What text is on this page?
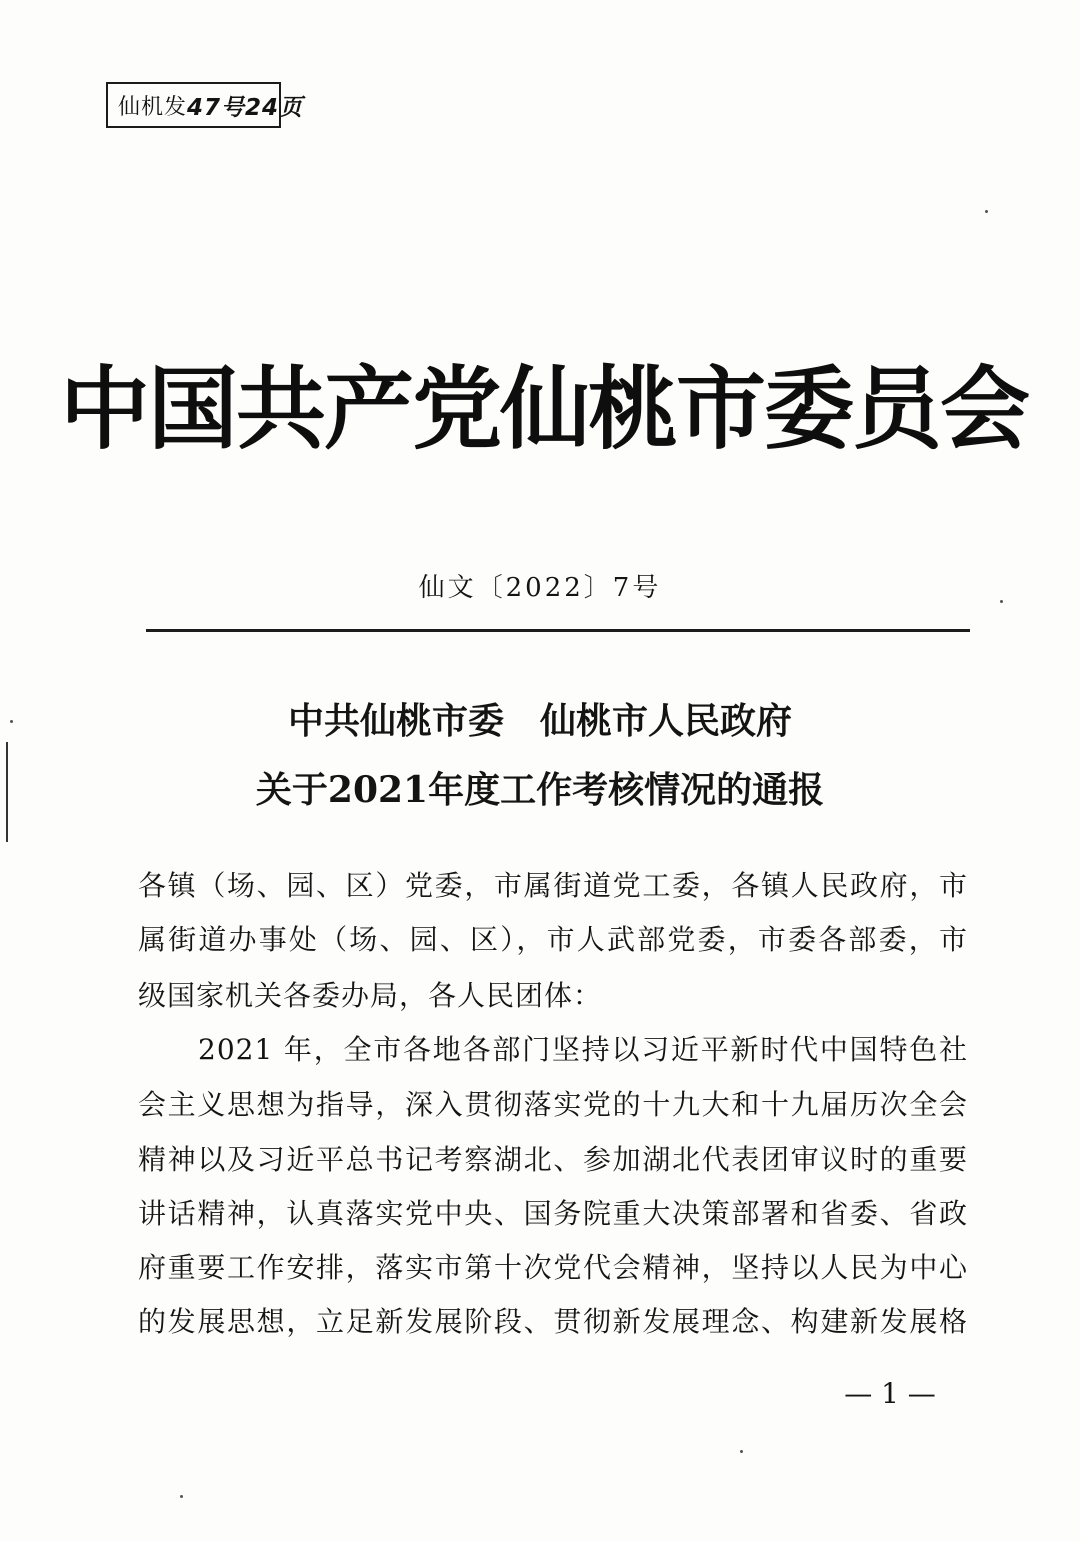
仙机发 47号24页
中国共产党仙桃市委员会
仙文〔2022〕7号
中共仙桃市委　仙桃市人民政府
关于2021年度工作考核情况的通报
各镇（场、园、区）党委，市属街道党工委，各镇人民政府，市
属街道办事处（场、园、区），市人武部党委，市委各部委，市
级国家机关各委办局，各人民团体：
2021 年，全市各地各部门坚持以习近平新时代中国特色社
会主义思想为指导，深入贯彻落实党的十九大和十九届历次全会
精神以及习近平总书记考察湖北、参加湖北代表团审议时的重要
讲话精神，认真落实党中央、国务院重大决策部署和省委、省政
府重要工作安排，落实市第十次党代会精神，坚持以人民为中心
的发展思想，立足新发展阶段、贯彻新发展理念、构建新发展格
— 1 —
